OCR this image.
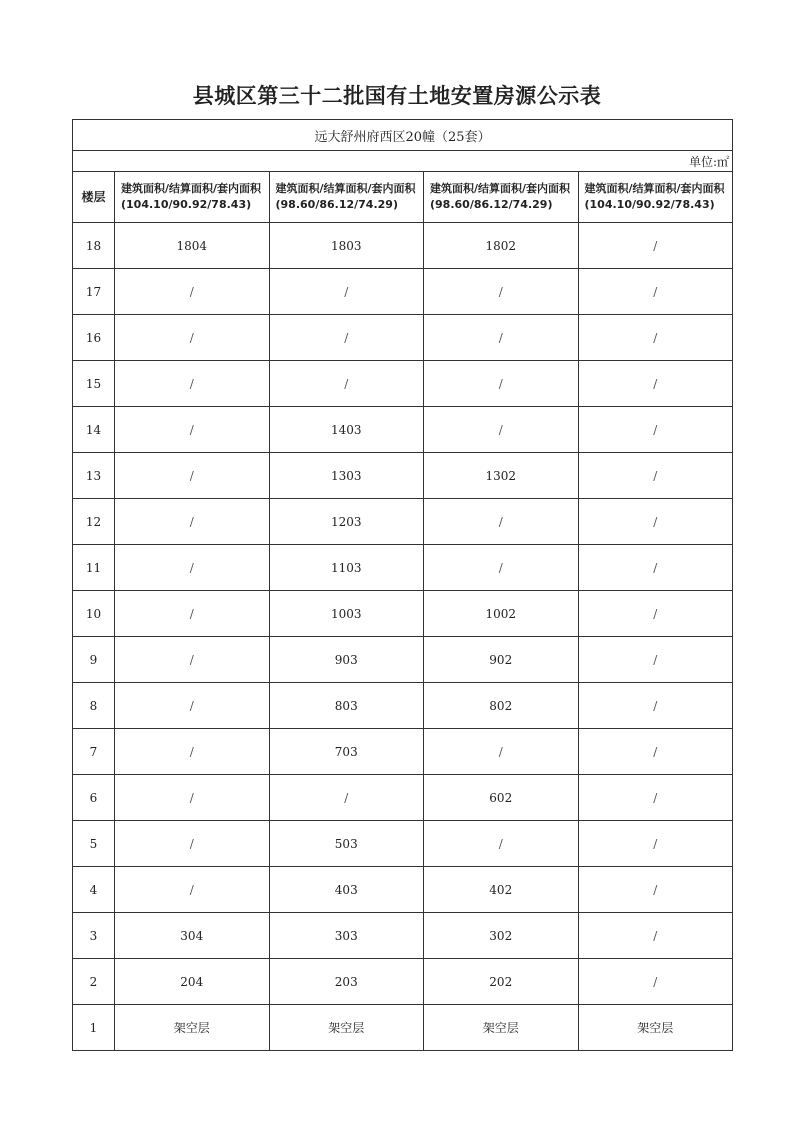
县城区第三十二批国有土地安置房源公示表
远大舒州府西区20幢（25套）				
单位:㎡				
楼层	建筑面积/结算面积/套内面积(104.10/90.92/78.43)	建筑面积/结算面积/套内面积(98.60/86.12/74.29)	建筑面积/结算面积/套内面积(98.60/86.12/74.29)	建筑面积/结算面积/套内面积(104.10/90.92/78.43)

18	1804	1803	1802	/
17	/	/	/	/
16	/	/	/	/
15	/	/	/	/
14	/	1403	/	/
13	/	1303	1302	/
12	/	1203	/	/
11	/	1103	/	/
10	/	1003	1002	/
9	/	903	902	/
8	/	803	802	/
7	/	703	/	/
6	/	/	602	/
5	/	503	/	/
4	/	403	402	/
3	304	303	302	/
2	204	203	202	/
1	架空层	架空层	架空层	架空层
